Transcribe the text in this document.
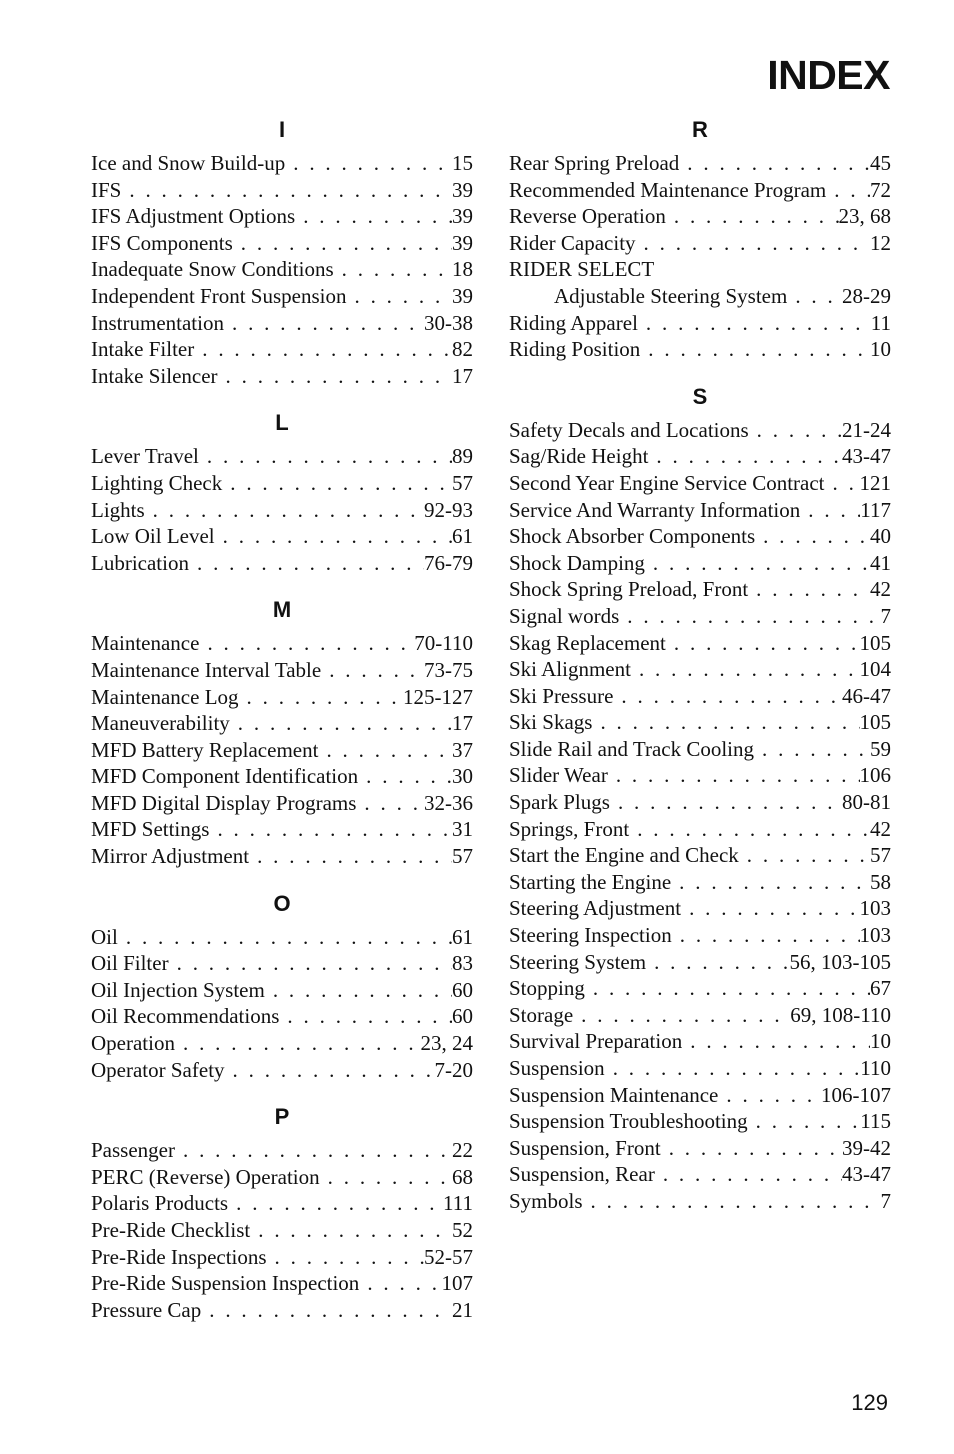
INDEX
I
Ice and Snow Build-up . . .	15
IFS . . .	39
IFS Adjustment Options . . .	39
IFS Components . . .	39
Inadequate Snow Conditions . . .	18
Independent Front Suspension . . .	39
Instrumentation . . .	30-38
Intake Filter . . .	82
Intake Silencer . . .	17
L
Lever Travel . . .	89
Lighting Check . . .	57
Lights . . .	92-93
Low Oil Level . . .	61
Lubrication . . .	76-79
M
Maintenance . . .	70-110
Maintenance Interval Table . . .	73-75
Maintenance Log . . .	125-127
Maneuverability . . .	17
MFD Battery Replacement . . .	37
MFD Component Identification . . .	30
MFD Digital Display Programs . . .	32-36
MFD Settings . . .	31
Mirror Adjustment . . .	57
O
Oil . . .	61
Oil Filter . . .	83
Oil Injection System . . .	60
Oil Recommendations . . .	60
Operation . . .	23, 24
Operator Safety . . .	7-20
P
Passenger . . .	22
PERC (Reverse) Operation . . .	68
Polaris Products . . .	111
Pre-Ride Checklist . . .	52
Pre-Ride Inspections . . .	52-57
Pre-Ride Suspension Inspection . . .	107
Pressure Cap . . .	21
R
Rear Spring Preload . . .	45
Recommended Maintenance Program . . . 72
Reverse Operation . . .	23, 68
Rider Capacity . . .	12
RIDER SELECT
Adjustable Steering System . . .	28-29
Riding Apparel . . .	11
Riding Position . . .	10
S
Safety Decals and Locations . . .	21-24
Sag/Ride Height . . .	43-47
Second Year Engine Service Contract . . . 121
Service And Warranty Information . . .	117
Shock Absorber Components . . .	40
Shock Damping . . .	41
Shock Spring Preload, Front . . .	42
Signal words . . .	7
Skag Replacement . . .	105
Ski Alignment . . .	104
Ski Pressure . . .	46-47
Ski Skags . . .	105
Slide Rail and Track Cooling . . .	59
Slider Wear . . .	106
Spark Plugs . . .	80-81
Springs, Front . . .	42
Start the Engine and Check . . .	57
Starting the Engine . . .	58
Steering Adjustment . . .	103
Steering Inspection . . .	103
Steering System . . .	56, 103-105
Stopping . . .	67
Storage . . .	69, 108-110
Survival Preparation . . .	10
Suspension . . .	110
Suspension Maintenance . . .	106-107
Suspension Troubleshooting . . .	115
Suspension, Front . . .	39-42
Suspension, Rear . . .	43-47
Symbols . . .	7
129
